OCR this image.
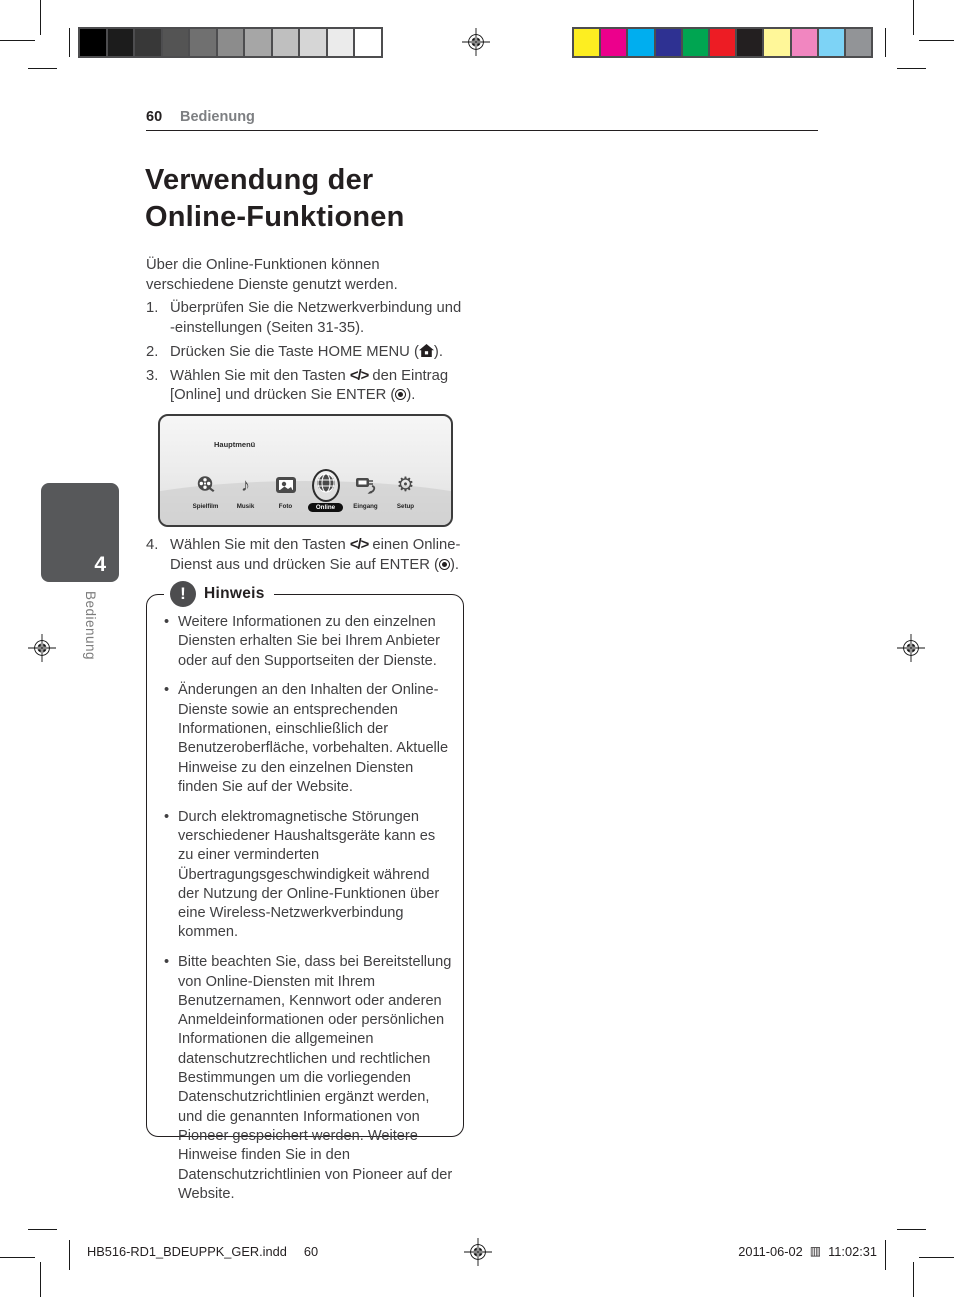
60 Bedienung
Verwendung der Online-Funktionen

Über die Online-Funktionen können verschiedene Dienste genutzt werden.

1. Überprüfen Sie die Netzwerkverbindung und -einstellungen (Seiten 31-35).
2. Drücken Sie die Taste HOME MENU ( ).
3. Wählen Sie mit den Tasten </> den Eintrag [Online] und drücken Sie ENTER ( ).
Hauptmenü
Spielfilm
♪
Musik	Foto	Online	Eingang
⚙
Setup
4. Wählen Sie mit den Tasten </> einen Online-Dienst aus und drücken Sie auf ENTER ( ).
!	Hinweis
• Weitere Informationen zu den einzelnen Diensten erhalten Sie bei Ihrem Anbieter oder auf den Supportseiten der Dienste.
• Änderungen an den Inhalten der Online-Dienste sowie an entsprechenden Informationen, einschließlich der Benutzeroberfläche, vorbehalten. Aktuelle Hinweise zu den einzelnen Diensten finden Sie auf der Website.
• Durch elektromagnetische Störungen verschiedener Haushaltsgeräte kann es zu einer verminderten Übertragungsgeschwindigkeit während der Nutzung der Online-Funktionen über eine Wireless-Netzwerkverbindung kommen.
• Bitte beachten Sie, dass bei Bereitstellung von Online-Diensten mit Ihrem Benutzernamen, Kennwort oder anderen Anmeldeinformationen oder persönlichen Informationen die allgemeinen datenschutzrechtlichen und rechtlichen Bestimmungen um die vorliegenden Datenschutzrichtlinien ergänzt werden, und die genannten Informationen von Pioneer gespeichert werden. Weitere Hinweise finden Sie in den Datenschutzrichtlinien von Pioneer auf der Website.
4
Bedienung
HB516-RD1_BDEUPPK_GER.indd 60	2011-06-02 ▥ 11:02:31
